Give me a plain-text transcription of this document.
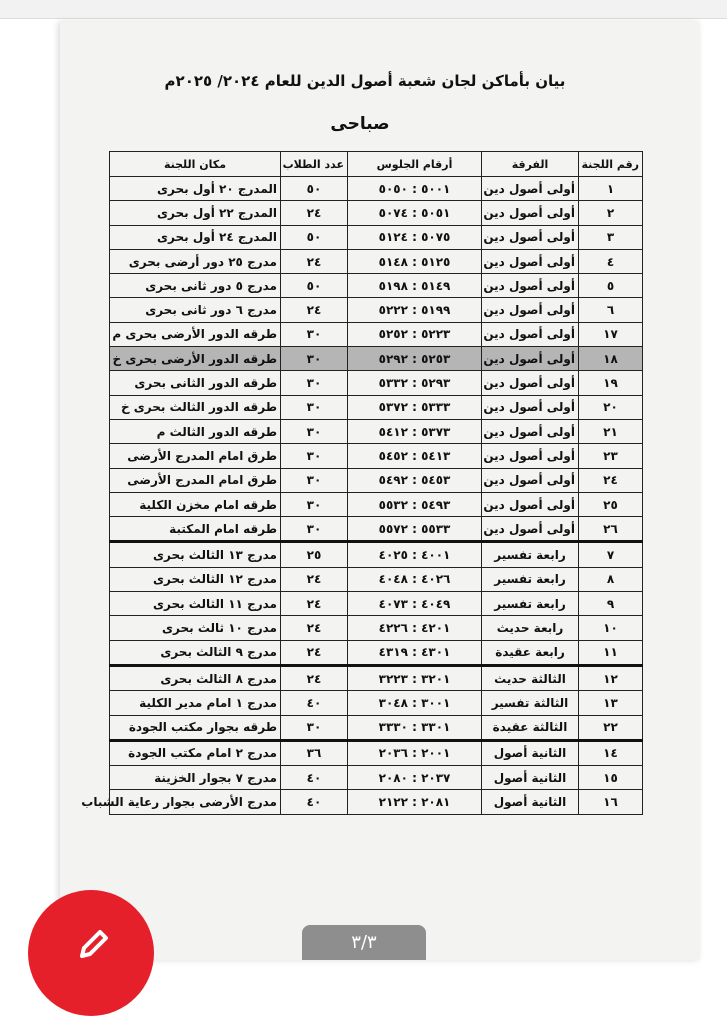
بيان بأماكن لجان شعبة أصول الدين للعام ٢٠٢٤/ ٢٠٢٥م
صباحى
رقم اللجنة	الفرقة	أرقام الجلوس	عدد الطلاب	مكان اللجنة
١	أولى أصول دين	٥٠٠١ : ٥٠٥٠	٥٠	المدرج ٢٠ أول بحرى
٢	أولى أصول دين	٥٠٥١ : ٥٠٧٤	٢٤	المدرج ٢٢ أول بحرى
٣	أولى أصول دين	٥٠٧٥ : ٥١٢٤	٥٠	المدرج ٢٤ أول بحرى
٤	أولى أصول دين	٥١٢٥ : ٥١٤٨	٢٤	مدرج ٢٥ دور أرضى بحرى
٥	أولى أصول دين	٥١٤٩ : ٥١٩٨	٥٠	مدرج ٥ دور ثانى بحرى
٦	أولى أصول دين	٥١٩٩ : ٥٢٢٢	٢٤	مدرج ٦ دور ثانى بحرى
١٧	أولى أصول دين	٥٢٢٣ : ٥٢٥٢	٣٠	طرقه الدور الأرضى بحرى م
١٨	أولى أصول دين	٥٢٥٣ : ٥٢٩٢	٣٠	طرقه الدور الأرضى بحرى خ
١٩	أولى أصول دين	٥٢٩٣ : ٥٣٣٢	٣٠	طرقه الدور الثانى بحرى
٢٠	أولى أصول دين	٥٣٣٣ : ٥٣٧٢	٣٠	طرقه الدور الثالث بحرى خ
٢١	أولى أصول دين	٥٣٧٣ : ٥٤١٢	٣٠	طرقه الدور الثالث م
٢٣	أولى أصول دين	٥٤١٣ : ٥٤٥٢	٣٠	طرق امام المدرج الأرضى
٢٤	أولى أصول دين	٥٤٥٣ : ٥٤٩٢	٣٠	طرق امام المدرج الأرضى
٢٥	أولى أصول دين	٥٤٩٣ : ٥٥٣٢	٣٠	طرقه امام مخزن الكلية
٢٦	أولى أصول دين	٥٥٣٣ : ٥٥٧٢	٣٠	طرقه امام المكتبة
٧	رابعة تفسير	٤٠٠١ : ٤٠٢٥	٢٥	مدرج ١٣ الثالث بحرى
٨	رابعة تفسير	٤٠٢٦ : ٤٠٤٨	٢٤	مدرج ١٢ الثالث بحرى
٩	رابعة تفسير	٤٠٤٩ : ٤٠٧٣	٢٤	مدرج ١١ الثالث بحرى
١٠	رابعة حديث	٤٢٠١ : ٤٢٢٦	٢٤	مدرج ١٠ ثالث بحرى
١١	رابعة عقيدة	٤٣٠١ : ٤٣١٩	٢٤	مدرج ٩ الثالث بحرى
١٢	الثالثة حديث	٣٢٠١ : ٣٢٢٣	٢٤	مدرج ٨ الثالث بحرى
١٣	الثالثة تفسير	٣٠٠١ : ٣٠٤٨	٤٠	مدرج ١ امام مدير الكلية
٢٢	الثالثة عقيدة	٣٣٠١ : ٣٣٣٠	٣٠	طرقه بجوار مكتب الجودة
١٤	الثانية أصول	٢٠٠١ : ٢٠٣٦	٣٦	مدرج ٢ امام مكتب الجودة
١٥	الثانية أصول	٢٠٣٧ : ٢٠٨٠	٤٠	مدرج ٧ بجوار الخزينة
١٦	الثانية أصول	٢٠٨١ : ٢١٢٢	٤٠	مدرج الأرضى بجوار رعاية الشباب
٣/٣
